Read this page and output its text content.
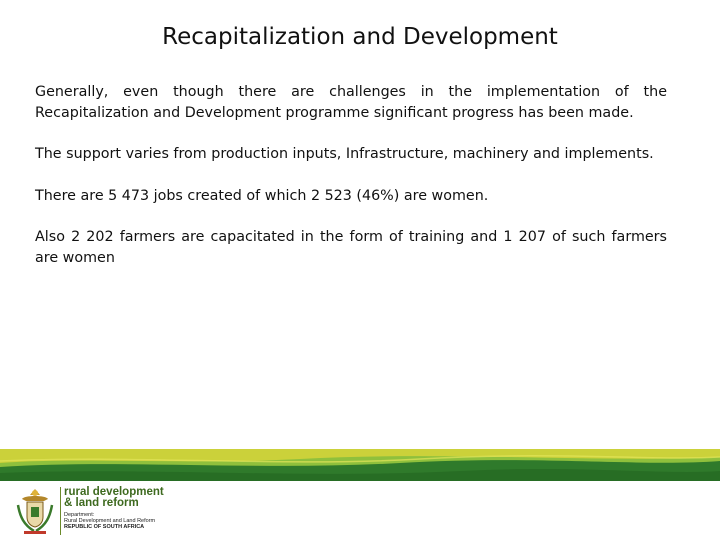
Recapitalization and Development

Generally, even though there are challenges in the implementation of the Recapitalization and Development programme significant progress has been made.

The support varies from production inputs, Infrastructure, machinery and implements.

There are 5 473 jobs created of which 2 523 (46%) are women.

Also 2 202 farmers are capacitated in the form of training and 1 207 of such farmers are women

rural development
& land reform
Department:
Rural Development and Land Reform
REPUBLIC OF SOUTH AFRICA
